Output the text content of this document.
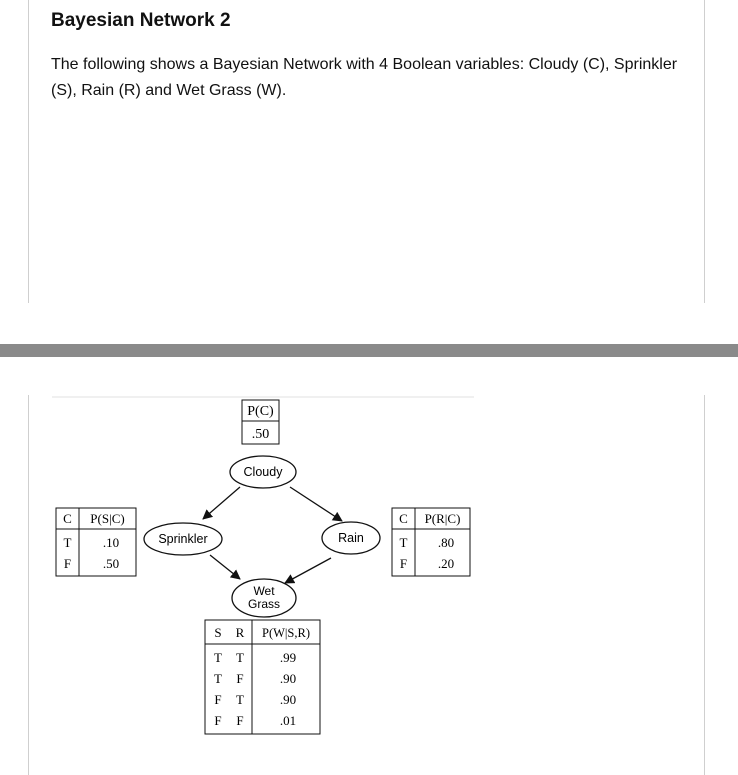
Bayesian Network 2

The following shows a Bayesian Network with 4 Boolean variables: Cloudy (C), Sprinkler (S), Rain (R) and Wet Grass (W).

P(C)
.50
Cloudy
Sprinkler	Rain
Wet
Grass
C P(S|C)
T .10
F .50
C P(R|C)
T .80
F .20
S R P(W|S,R)
T T	.99
T F	.90
F T	.90
F F	.01
